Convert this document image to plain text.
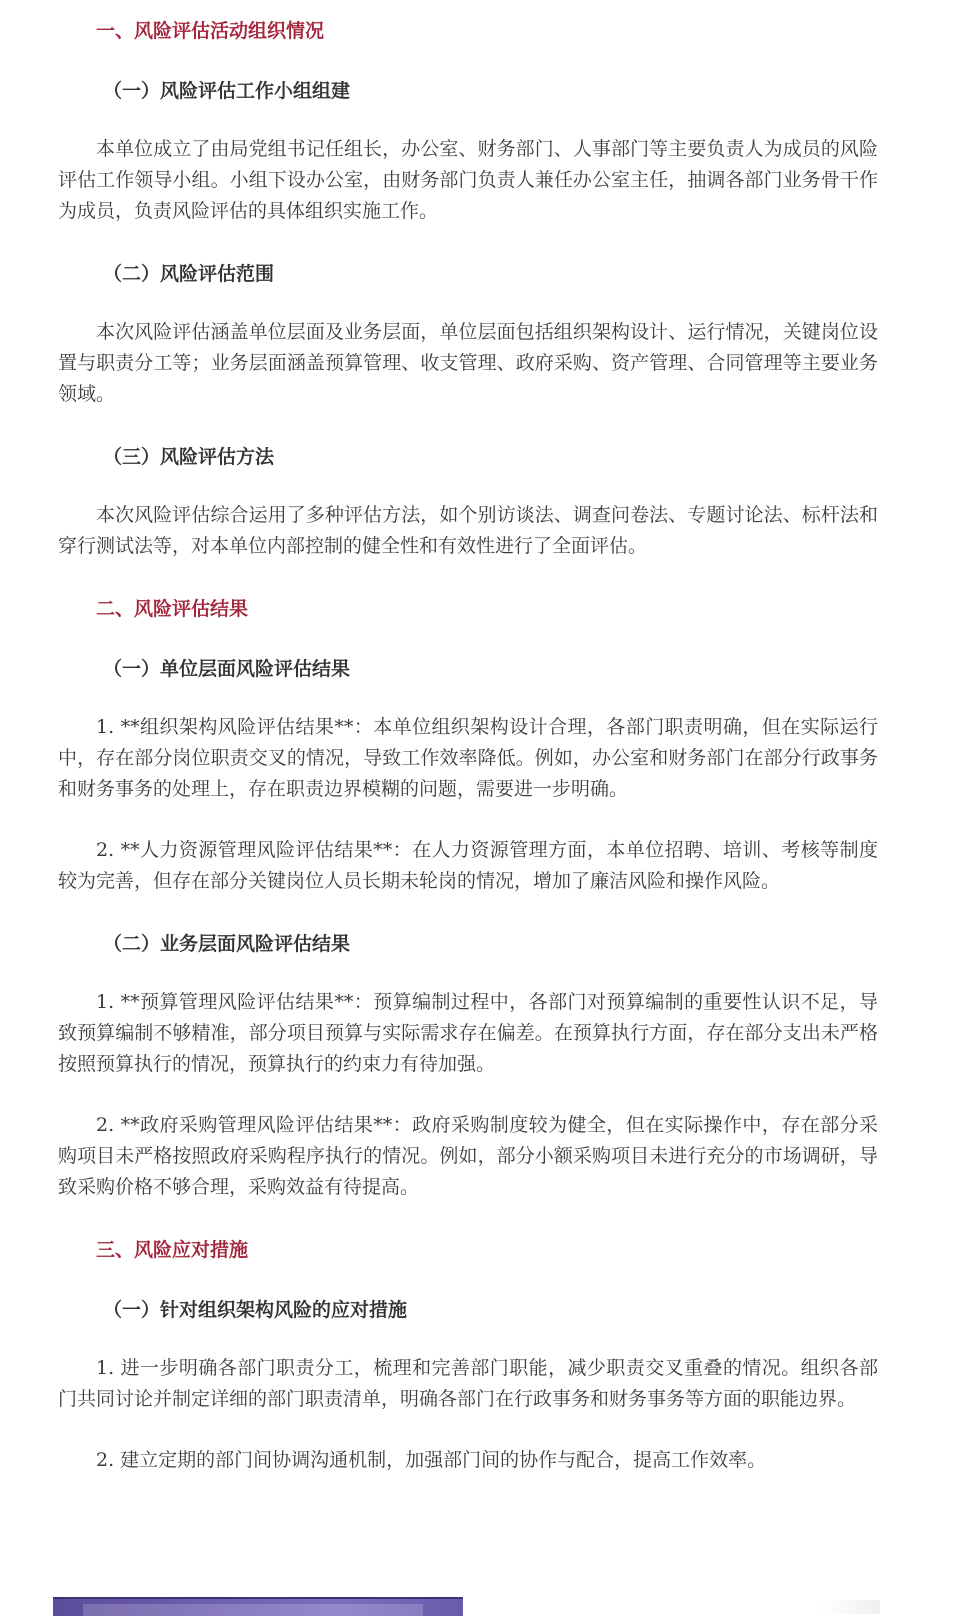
一、风险评估活动组织情况
（一）风险评估工作小组组建
本单位成立了由局党组书记任组长，办公室、财务部门、人事部门等主要负责人为成员的风险评估工作领导小组。小组下设办公室，由财务部门负责人兼任办公室主任，抽调各部门业务骨干作为成员，负责风险评估的具体组织实施工作。
（二）风险评估范围
本次风险评估涵盖单位层面及业务层面，单位层面包括组织架构设计、运行情况，关键岗位设置与职责分工等；业务层面涵盖预算管理、收支管理、政府采购、资产管理、合同管理等主要业务领域。
（三）风险评估方法
本次风险评估综合运用了多种评估方法，如个别访谈法、调查问卷法、专题讨论法、标杆法和穿行测试法等，对本单位内部控制的健全性和有效性进行了全面评估。
二、风险评估结果
（一）单位层面风险评估结果
1. **组织架构风险评估结果**：本单位组织架构设计合理，各部门职责明确，但在实际运行中，存在部分岗位职责交叉的情况，导致工作效率降低。例如，办公室和财务部门在部分行政事务和财务事务的处理上，存在职责边界模糊的问题，需要进一步明确。
2. **人力资源管理风险评估结果**：在人力资源管理方面，本单位招聘、培训、考核等制度较为完善，但存在部分关键岗位人员长期未轮岗的情况，增加了廉洁风险和操作风险。
（二）业务层面风险评估结果
1. **预算管理风险评估结果**：预算编制过程中，各部门对预算编制的重要性认识不足，导致预算编制不够精准，部分项目预算与实际需求存在偏差。在预算执行方面，存在部分支出未严格按照预算执行的情况，预算执行的约束力有待加强。
2. **政府采购管理风险评估结果**：政府采购制度较为健全，但在实际操作中，存在部分采购项目未严格按照政府采购程序执行的情况。例如，部分小额采购项目未进行充分的市场调研，导致采购价格不够合理，采购效益有待提高。
三、风险应对措施
（一）针对组织架构风险的应对措施
1. 进一步明确各部门职责分工，梳理和完善部门职能，减少职责交叉重叠的情况。组织各部门共同讨论并制定详细的部门职责清单，明确各部门在行政事务和财务事务等方面的职能边界。
2. 建立定期的部门间协调沟通机制，加强部门间的协作与配合，提高工作效率。
